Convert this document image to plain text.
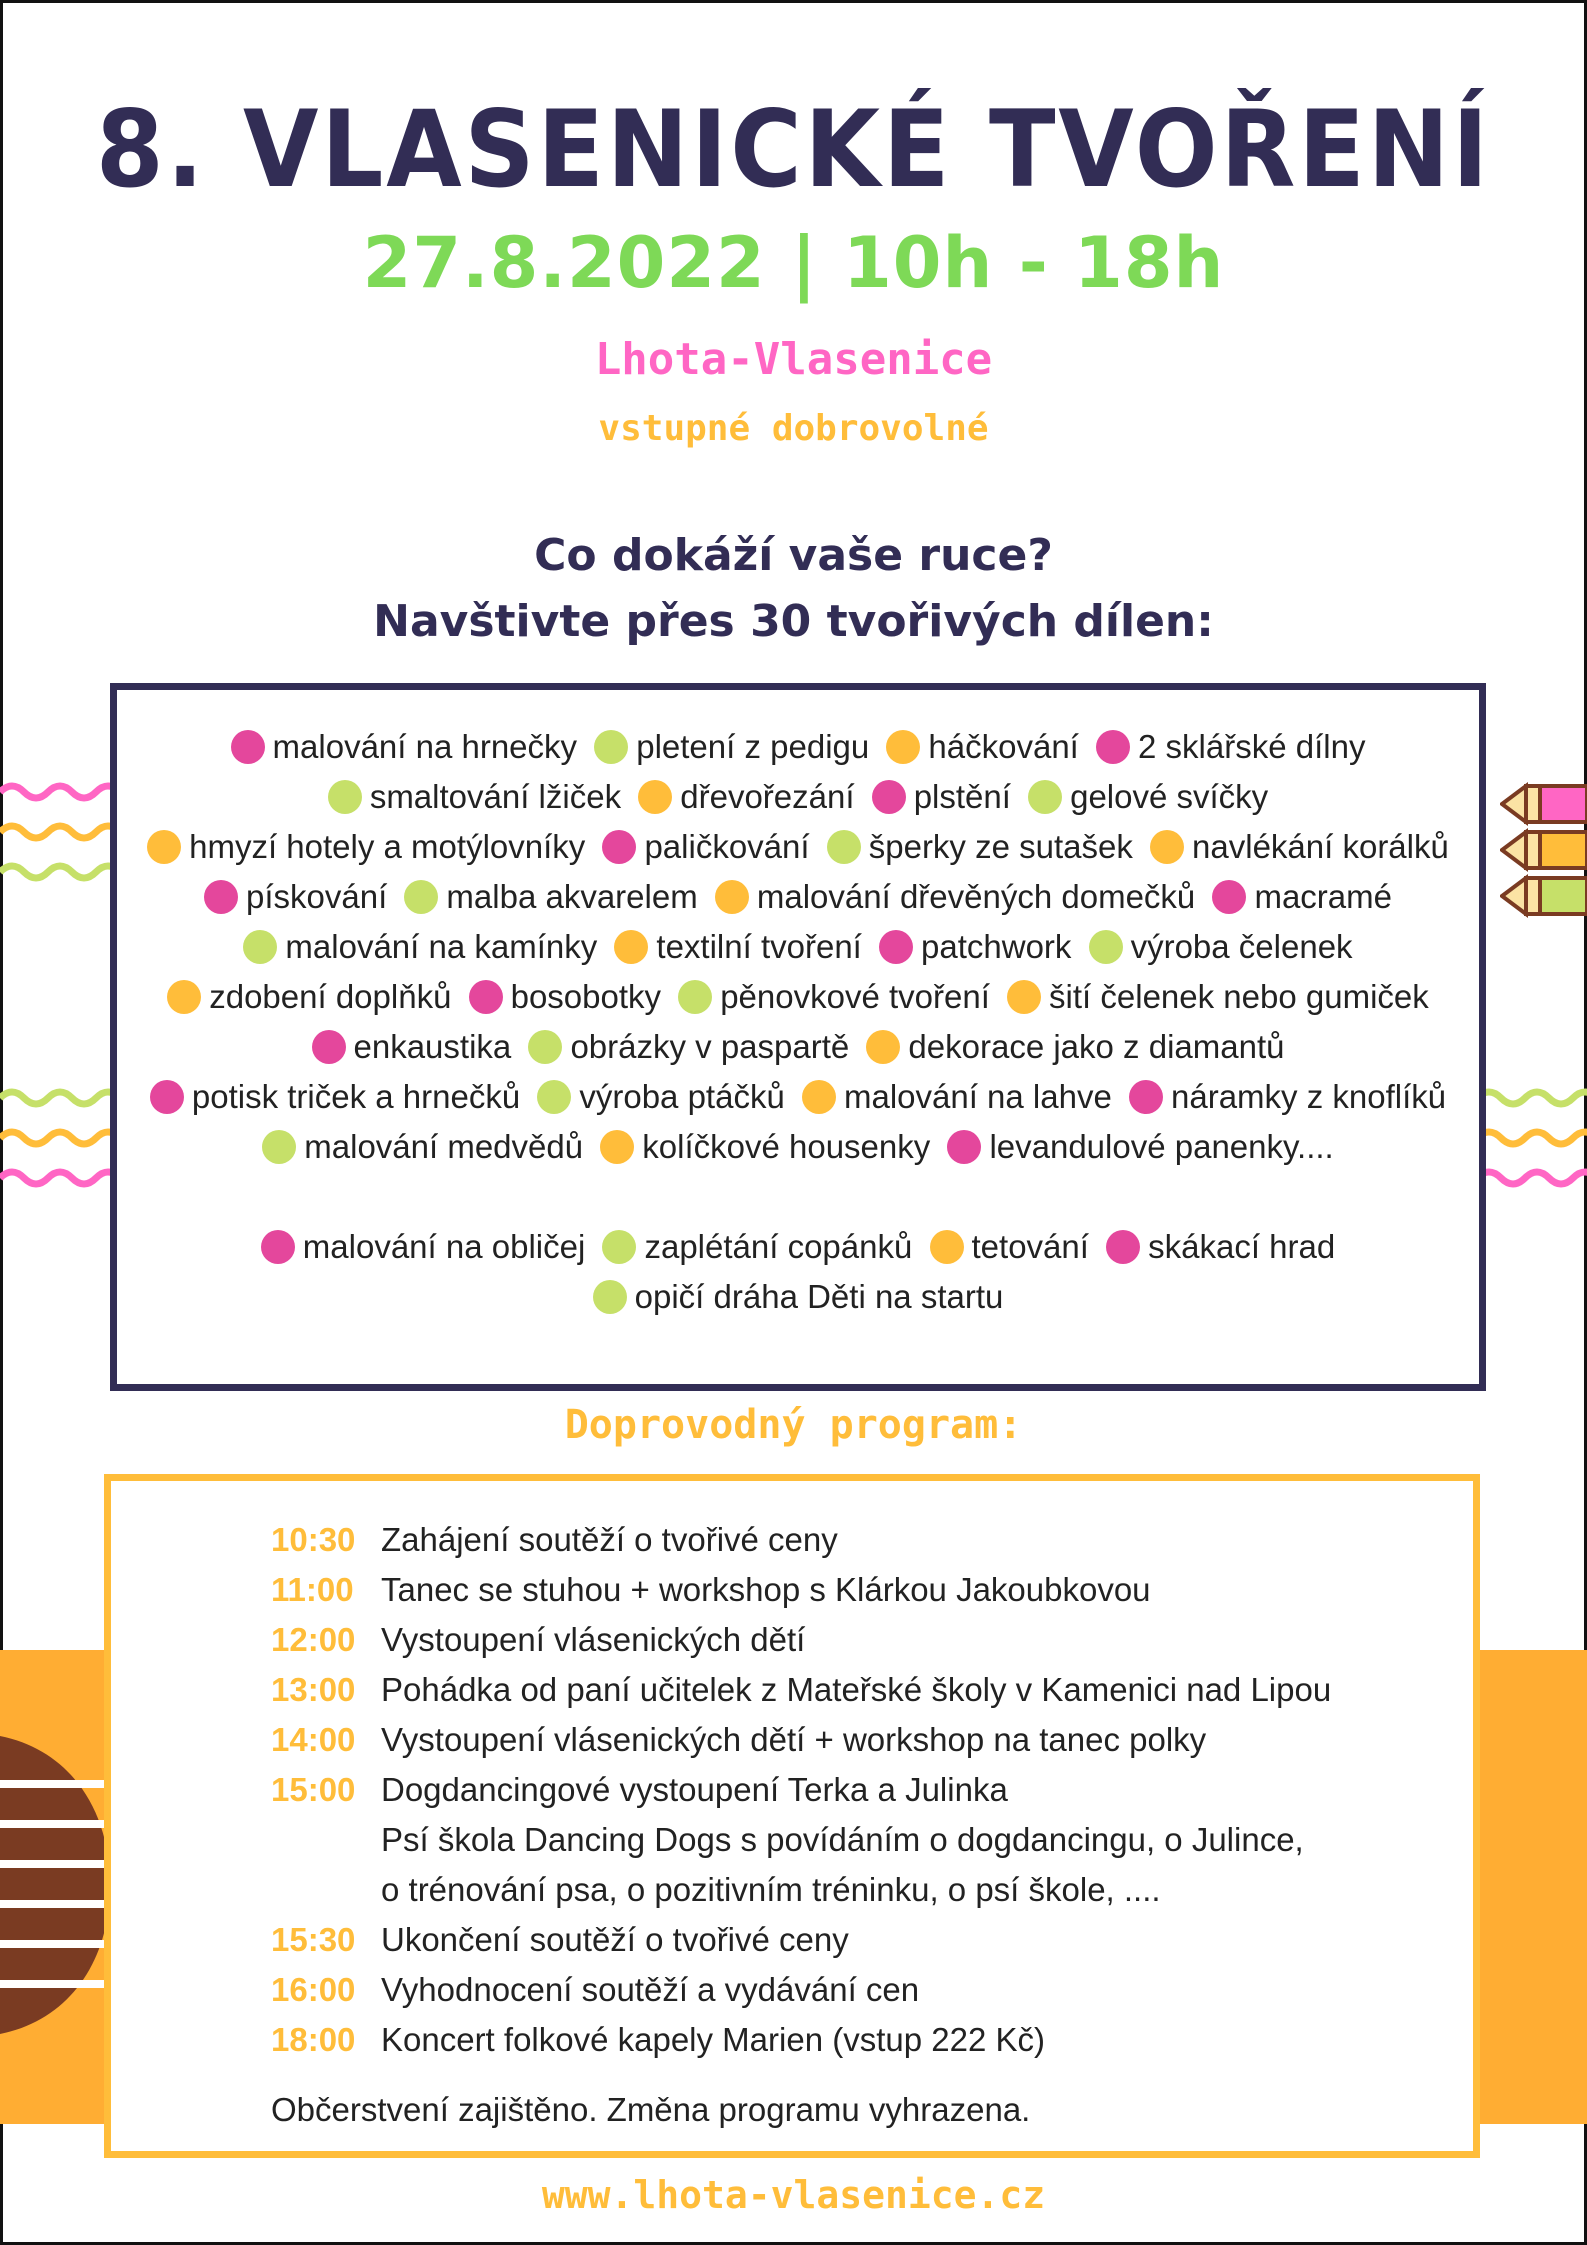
8. VLASENICKÉ TVOŘENÍ
27.8.2022 | 10h - 18h
Lhota-Vlasenice
vstupné dobrovolné
Co dokáží vaše ruce?
Navštivte přes 30 tvořivých dílen:
malování na hrnečky pletení z pedigu háčkování 2 sklářské dílny smaltování lžiček dřevořezání plstění gelové svíčky hmyzí hotely a motýlovníky paličkování šperky ze sutašek navlékání korálků pískování malba akvarelem malování dřevěných domečků macramé malování na kamínky textilní tvoření patchwork výroba čelenek zdobení doplňků bosobotky pěnovkové tvoření šití čelenek nebo gumiček enkaustika obrázky v paspartě dekorace jako z diamantů potisk triček a hrnečků výroba ptáčků malování na lahve náramky z knoflíků malování medvědů kolíčkové housenky levandulové panenky....
malování na obličej zaplétání copánků tetování skákací hrad opičí dráha Děti na startu
Doprovodný program:
10:30 Zahájení soutěží o tvořivé ceny
11:00 Tanec se stuhou + workshop s Klárkou Jakoubkovou
12:00 Vystoupení vlásenických dětí
13:00 Pohádka od paní učitelek z Mateřské školy v Kamenici nad Lipou
14:00 Vystoupení vlásenických dětí + workshop na tanec polky
15:00 Dogdancingové vystoupení Terka a Julinka
Psí škola Dancing Dogs s povídáním o dogdancingu, o Julince,
o trénování psa, o pozitivním tréninku, o psí škole, ....
15:30 Ukončení soutěží o tvořivé ceny
16:00 Vyhodnocení soutěží a vydávání cen
18:00 Koncert folkové kapely Marien (vstup 222 Kč)
Občerstvení zajištěno. Změna programu vyhrazena.
www.lhota-vlasenice.cz
